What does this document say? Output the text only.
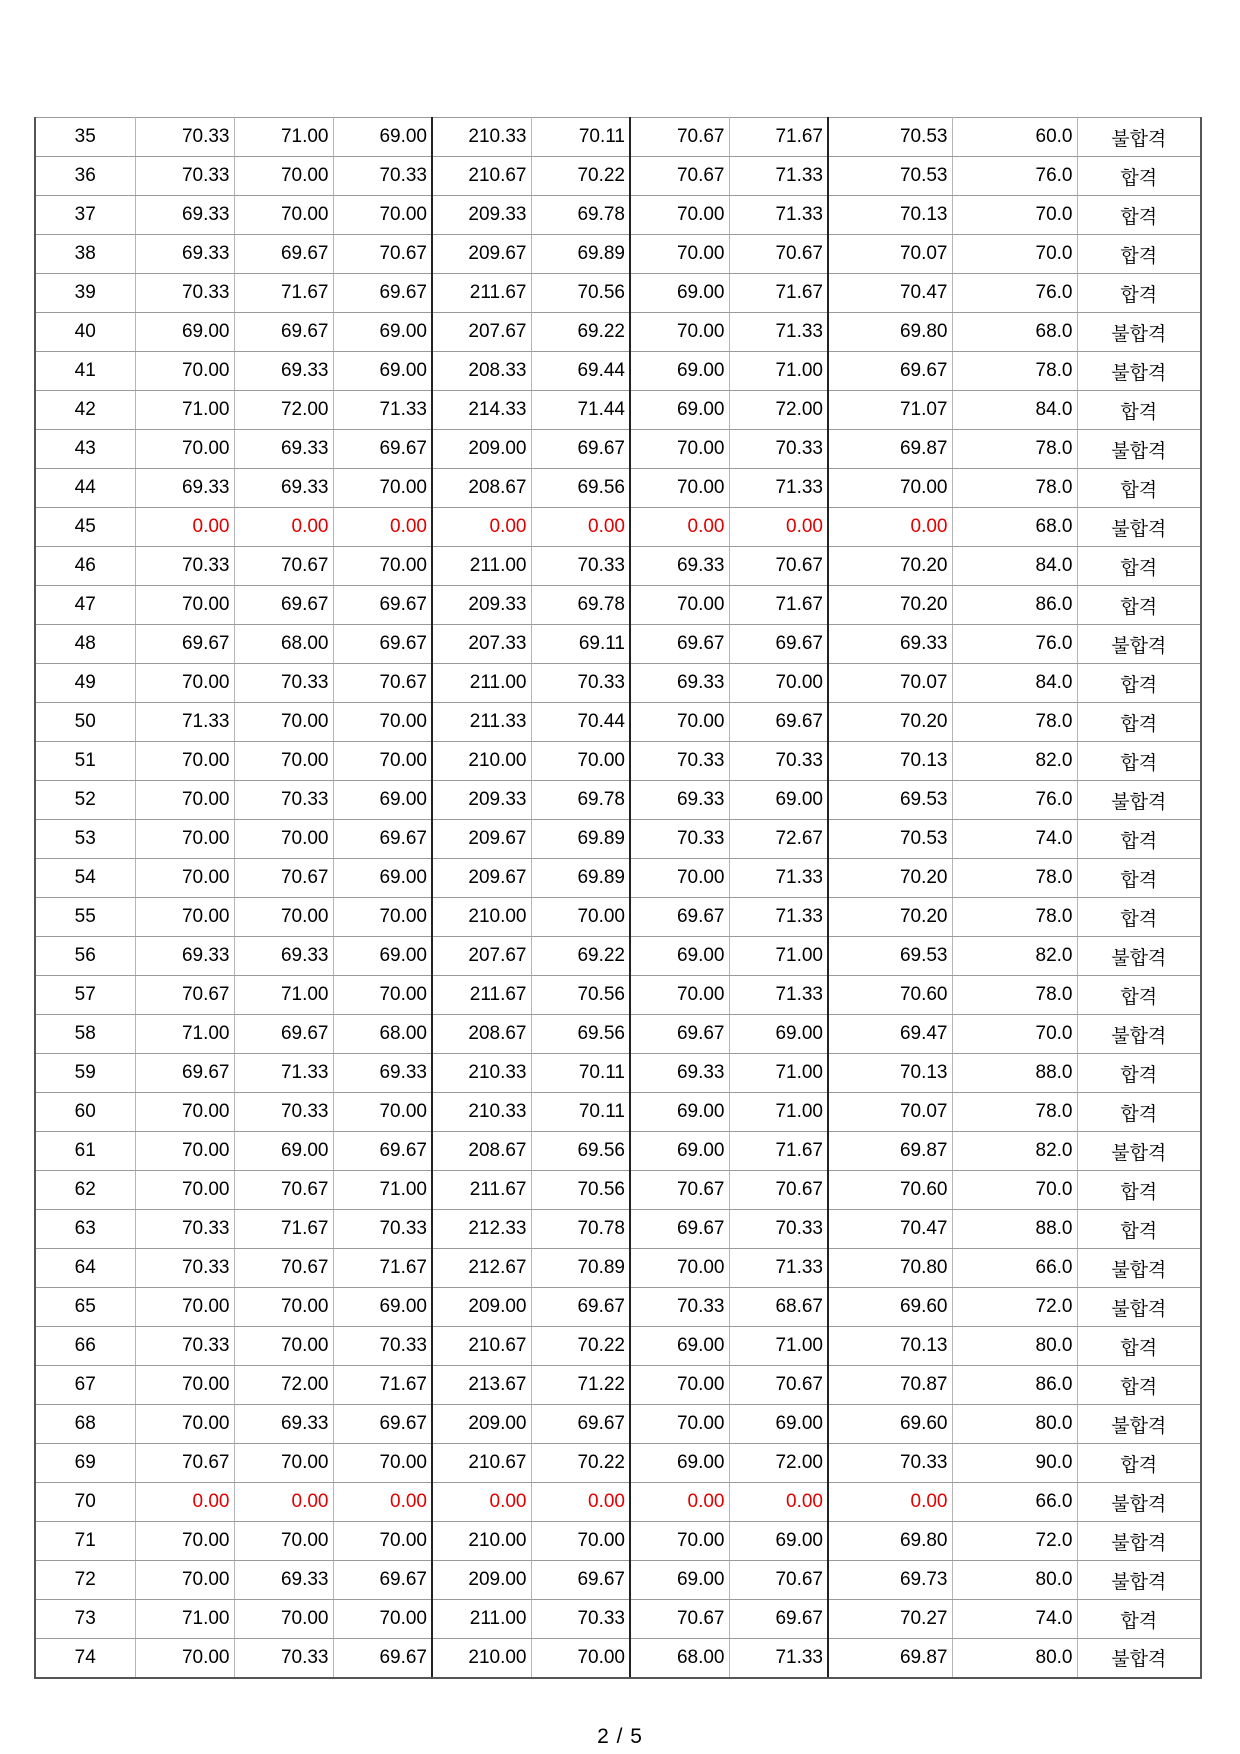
35	70.33	71.00	69.00	210.33	70.11	70.67	71.67	70.53	60.0	불합격
36	70.33	70.00	70.33	210.67	70.22	70.67	71.33	70.53	76.0	합격
37	69.33	70.00	70.00	209.33	69.78	70.00	71.33	70.13	70.0	합격
38	69.33	69.67	70.67	209.67	69.89	70.00	70.67	70.07	70.0	합격
39	70.33	71.67	69.67	211.67	70.56	69.00	71.67	70.47	76.0	합격
40	69.00	69.67	69.00	207.67	69.22	70.00	71.33	69.80	68.0	불합격
41	70.00	69.33	69.00	208.33	69.44	69.00	71.00	69.67	78.0	불합격
42	71.00	72.00	71.33	214.33	71.44	69.00	72.00	71.07	84.0	합격
43	70.00	69.33	69.67	209.00	69.67	70.00	70.33	69.87	78.0	불합격
44	69.33	69.33	70.00	208.67	69.56	70.00	71.33	70.00	78.0	합격
45	0.00	0.00	0.00	0.00	0.00	0.00	0.00	0.00	68.0	불합격
46	70.33	70.67	70.00	211.00	70.33	69.33	70.67	70.20	84.0	합격
47	70.00	69.67	69.67	209.33	69.78	70.00	71.67	70.20	86.0	합격
48	69.67	68.00	69.67	207.33	69.11	69.67	69.67	69.33	76.0	불합격
49	70.00	70.33	70.67	211.00	70.33	69.33	70.00	70.07	84.0	합격
50	71.33	70.00	70.00	211.33	70.44	70.00	69.67	70.20	78.0	합격
51	70.00	70.00	70.00	210.00	70.00	70.33	70.33	70.13	82.0	합격
52	70.00	70.33	69.00	209.33	69.78	69.33	69.00	69.53	76.0	불합격
53	70.00	70.00	69.67	209.67	69.89	70.33	72.67	70.53	74.0	합격
54	70.00	70.67	69.00	209.67	69.89	70.00	71.33	70.20	78.0	합격
55	70.00	70.00	70.00	210.00	70.00	69.67	71.33	70.20	78.0	합격
56	69.33	69.33	69.00	207.67	69.22	69.00	71.00	69.53	82.0	불합격
57	70.67	71.00	70.00	211.67	70.56	70.00	71.33	70.60	78.0	합격
58	71.00	69.67	68.00	208.67	69.56	69.67	69.00	69.47	70.0	불합격
59	69.67	71.33	69.33	210.33	70.11	69.33	71.00	70.13	88.0	합격
60	70.00	70.33	70.00	210.33	70.11	69.00	71.00	70.07	78.0	합격
61	70.00	69.00	69.67	208.67	69.56	69.00	71.67	69.87	82.0	불합격
62	70.00	70.67	71.00	211.67	70.56	70.67	70.67	70.60	70.0	합격
63	70.33	71.67	70.33	212.33	70.78	69.67	70.33	70.47	88.0	합격
64	70.33	70.67	71.67	212.67	70.89	70.00	71.33	70.80	66.0	불합격
65	70.00	70.00	69.00	209.00	69.67	70.33	68.67	69.60	72.0	불합격
66	70.33	70.00	70.33	210.67	70.22	69.00	71.00	70.13	80.0	합격
67	70.00	72.00	71.67	213.67	71.22	70.00	70.67	70.87	86.0	합격
68	70.00	69.33	69.67	209.00	69.67	70.00	69.00	69.60	80.0	불합격
69	70.67	70.00	70.00	210.67	70.22	69.00	72.00	70.33	90.0	합격
70	0.00	0.00	0.00	0.00	0.00	0.00	0.00	0.00	66.0	불합격
71	70.00	70.00	70.00	210.00	70.00	70.00	69.00	69.80	72.0	불합격
72	70.00	69.33	69.67	209.00	69.67	69.00	70.67	69.73	80.0	불합격
73	71.00	70.00	70.00	211.00	70.33	70.67	69.67	70.27	74.0	합격
74	70.00	70.33	69.67	210.00	70.00	68.00	71.33	69.87	80.0	불합격
2 / 5
